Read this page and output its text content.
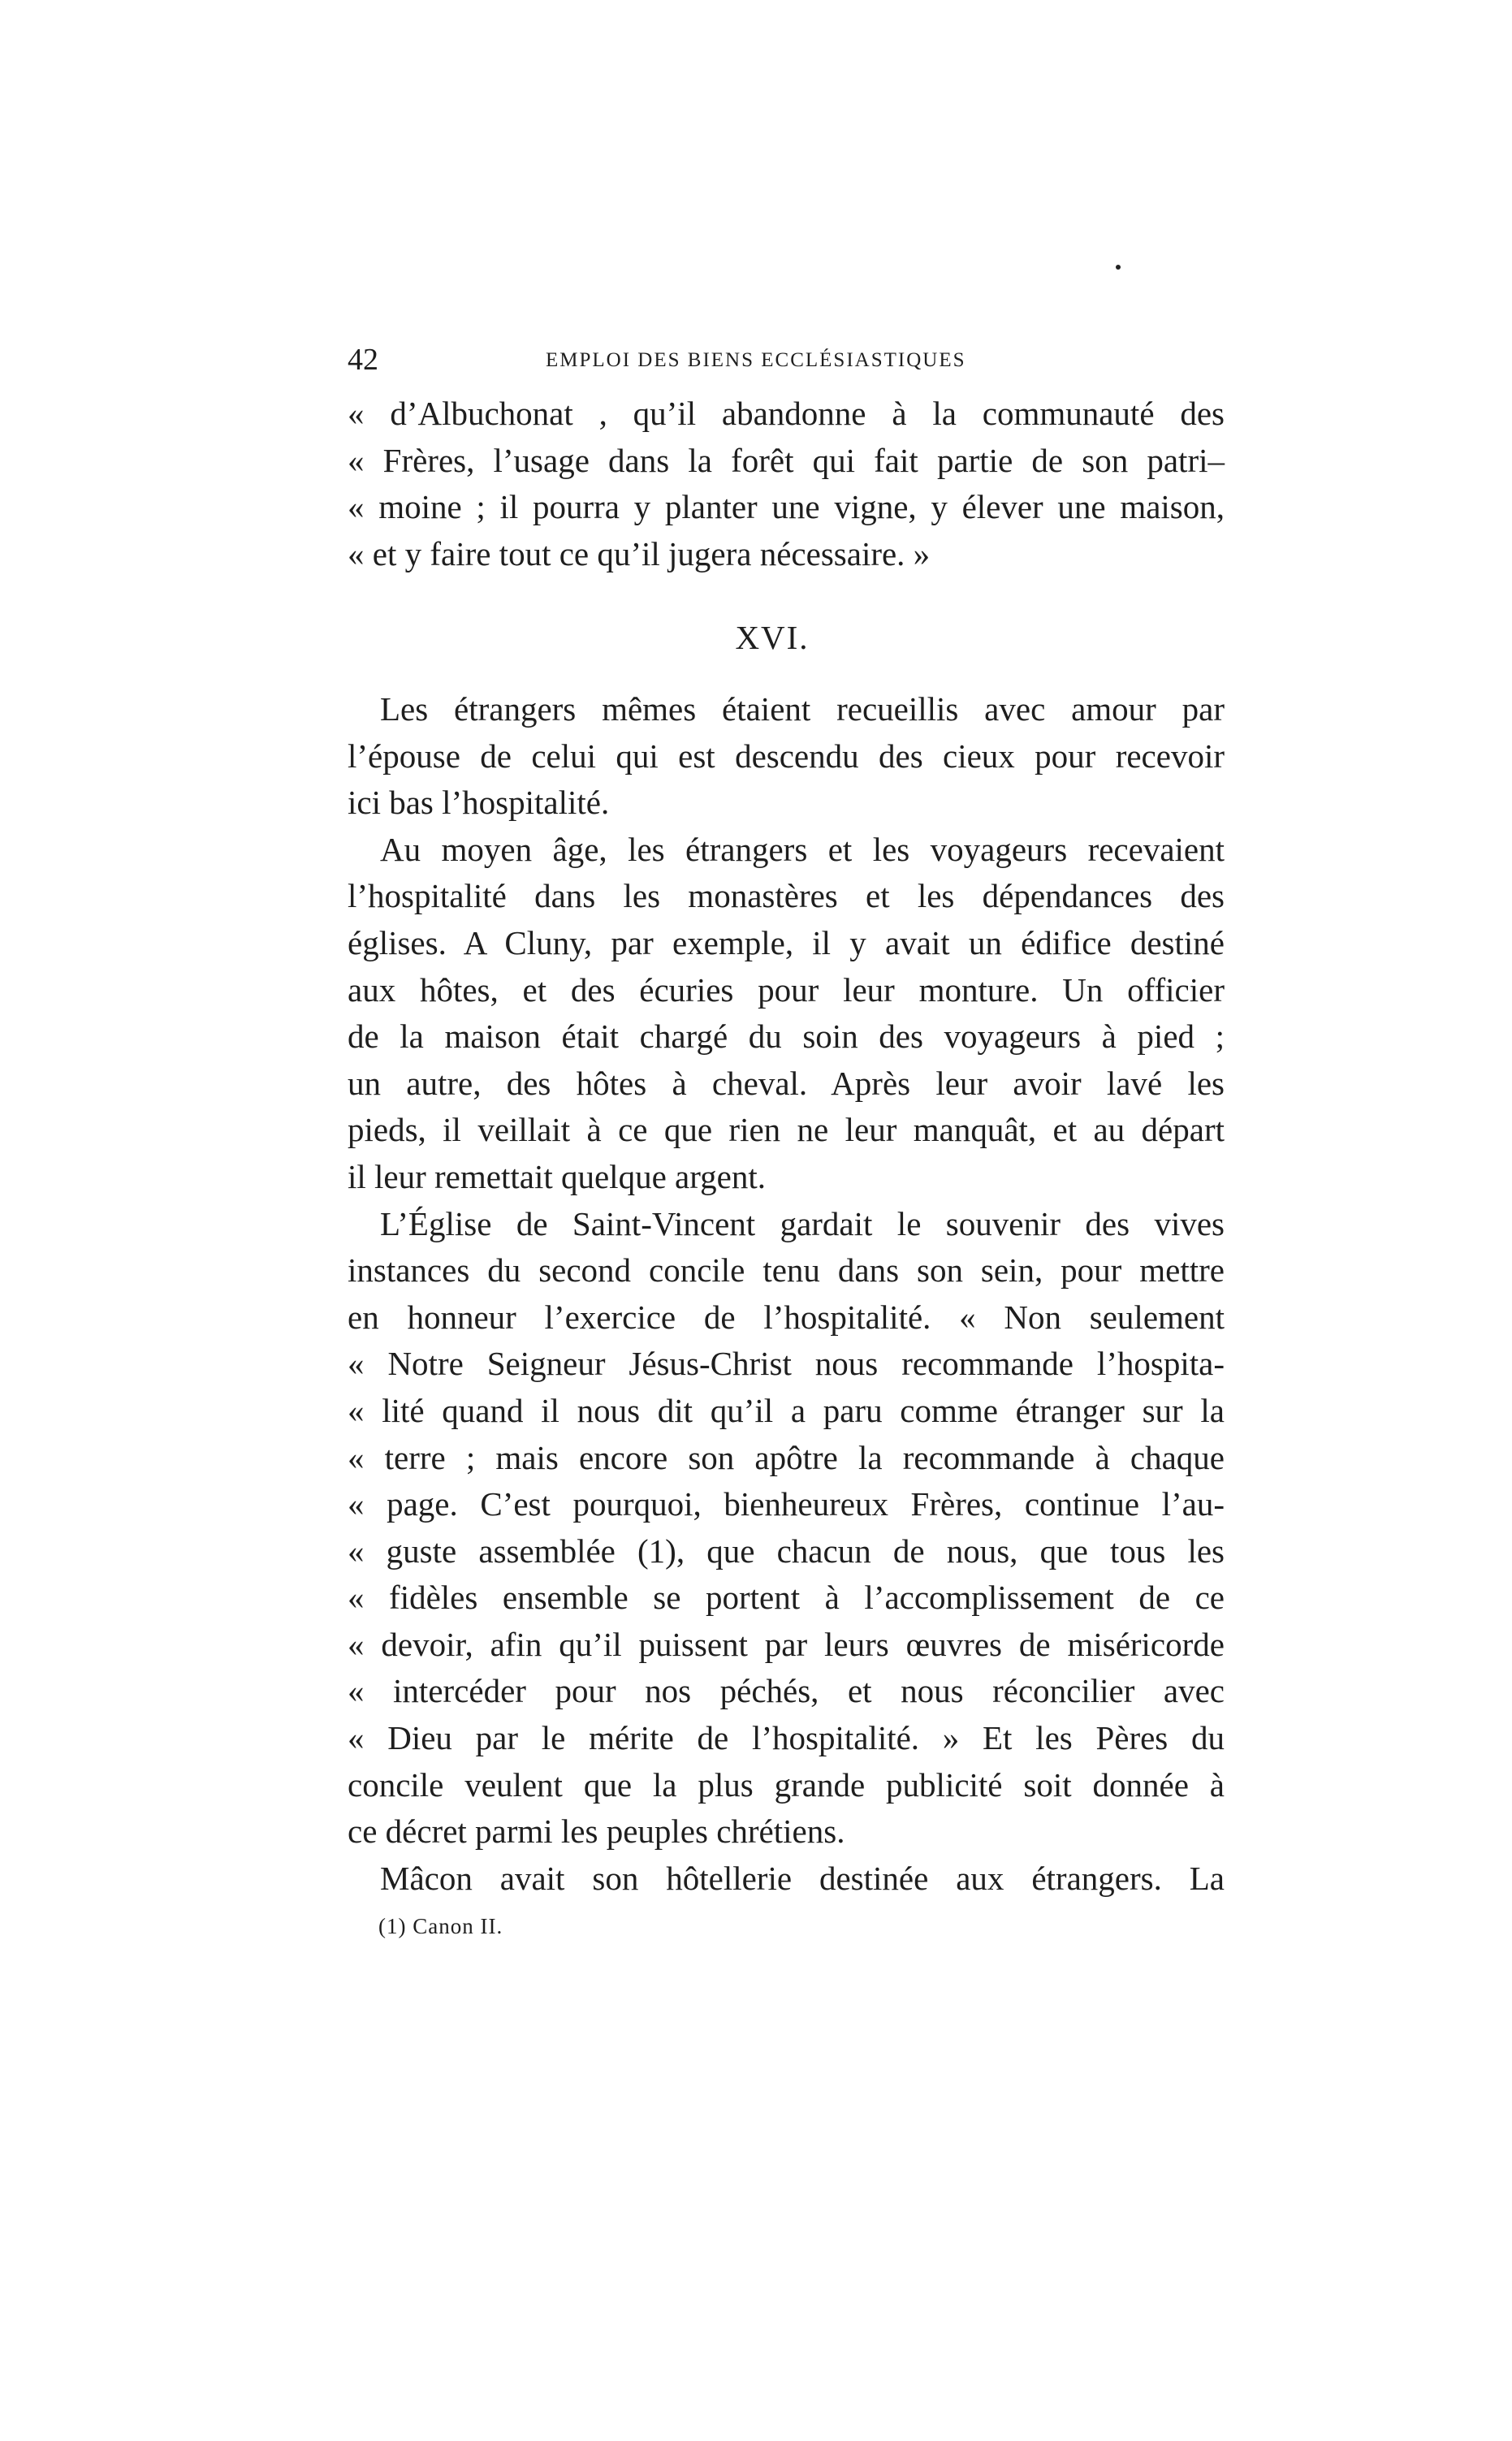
42	EMPLOI DES BIENS ECCLÉSIASTIQUES
« d’Albuchonat , qu’il abandonne à la communauté des
« Frères, l’usage dans la forêt qui fait partie de son patri–
« moine ; il pourra y planter une vigne, y élever une maison,
« et y faire tout ce qu’il jugera nécessaire. »
XVI.
Les étrangers mêmes étaient recueillis avec amour par
l’épouse de celui qui est descendu des cieux pour recevoir
ici bas l’hospitalité.
Au moyen âge, les étrangers et les voyageurs recevaient
l’hospitalité dans les monastères et les dépendances des
églises. A Cluny, par exemple, il y avait un édifice destiné
aux hôtes, et des écuries pour leur monture. Un officier
de la maison était chargé du soin des voyageurs à pied ;
un autre, des hôtes à cheval. Après leur avoir lavé les
pieds, il veillait à ce que rien ne leur manquât, et au départ
il leur remettait quelque argent.
L’Église de Saint-Vincent gardait le souvenir des vives
instances du second concile tenu dans son sein, pour mettre
en honneur l’exercice de l’hospitalité. « Non seulement
« Notre Seigneur Jésus-Christ nous recommande l’hospita-
« lité quand il nous dit qu’il a paru comme étranger sur la
« terre ; mais encore son apôtre la recommande à chaque
« page. C’est pourquoi, bienheureux Frères, continue l’au-
« guste assemblée (1), que chacun de nous, que tous les
« fidèles ensemble se portent à l’accomplissement de ce
« devoir, afin qu’il puissent par leurs œuvres de miséricorde
« intercéder pour nos péchés, et nous réconcilier avec
« Dieu par le mérite de l’hospitalité. » Et les Pères du
concile veulent que la plus grande publicité soit donnée à
ce décret parmi les peuples chrétiens.
Mâcon avait son hôtellerie destinée aux étrangers. La
(1) Canon II.
